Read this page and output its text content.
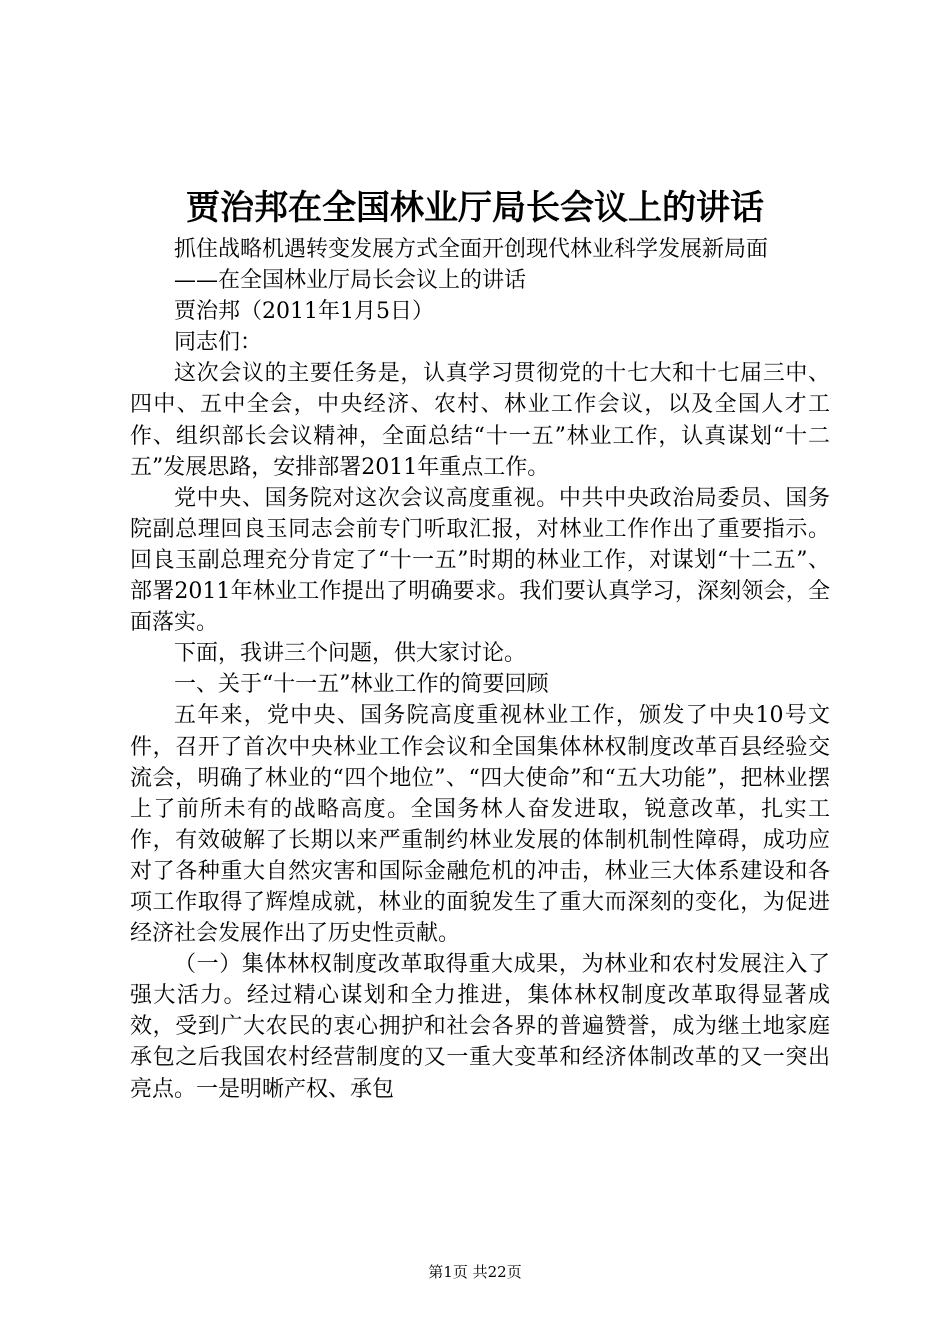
贾治邦在全国林业厅局长会议上的讲话

抓住战略机遇转变发展方式全面开创现代林业科学发展新局面

——在全国林业厅局长会议上的讲话

贾治邦（2011年1月5日）

同志们：

这次会议的主要任务是，认真学习贯彻党的十七大和十七届三中、四中、五中全会，中央经济、农村、林业工作会议，以及全国人才工作、组织部长会议精神，全面总结“十一五”林业工作，认真谋划“十二五”发展思路，安排部署2011年重点工作。

党中央、国务院对这次会议高度重视。中共中央政治局委员、国务院副总理回良玉同志会前专门听取汇报，对林业工作作出了重要指示。回良玉副总理充分肯定了“十一五”时期的林业工作，对谋划“十二五”、部署2011年林业工作提出了明确要求。我们要认真学习，深刻领会，全面落实。

下面，我讲三个问题，供大家讨论。

一、关于“十一五”林业工作的简要回顾

五年来，党中央、国务院高度重视林业工作，颁发了中央10号文件，召开了首次中央林业工作会议和全国集体林权制度改革百县经验交流会，明确了林业的“四个地位”、“四大使命”和“五大功能”，把林业摆上了前所未有的战略高度。全国务林人奋发进取，锐意改革，扎实工作，有效破解了长期以来严重制约林业发展的体制机制性障碍，成功应对了各种重大自然灾害和国际金融危机的冲击，林业三大体系建设和各项工作取得了辉煌成就，林业的面貌发生了重大而深刻的变化，为促进经济社会发展作出了历史性贡献。

（一）集体林权制度改革取得重大成果，为林业和农村发展注入了强大活力。经过精心谋划和全力推进，集体林权制度改革取得显著成效，受到广大农民的衷心拥护和社会各界的普遍赞誉，成为继土地家庭承包之后我国农村经营制度的又一重大变革和经济体制改革的又一突出亮点。一是明晰产权、承包

第1页 共22页
